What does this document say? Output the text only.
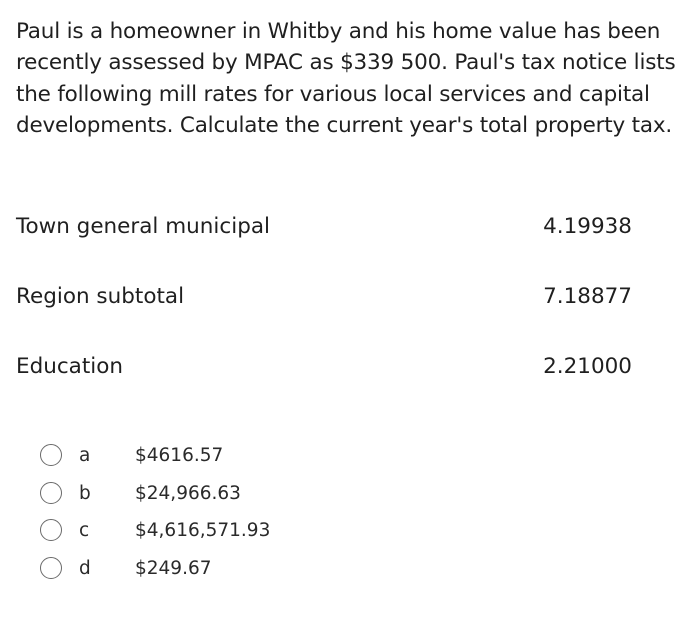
Paul is a homeowner in Whitby and his home value has been recently assessed by MPAC as $339 500. Paul's tax notice lists the following mill rates for various local services and capital developments. Calculate the current year's total property tax.

Town general municipal	4.19938
Region subtotal	7.18877
Education	2.21000
a $4616.57
b $24,966.63
c $4,616,571.93
d $249.67
